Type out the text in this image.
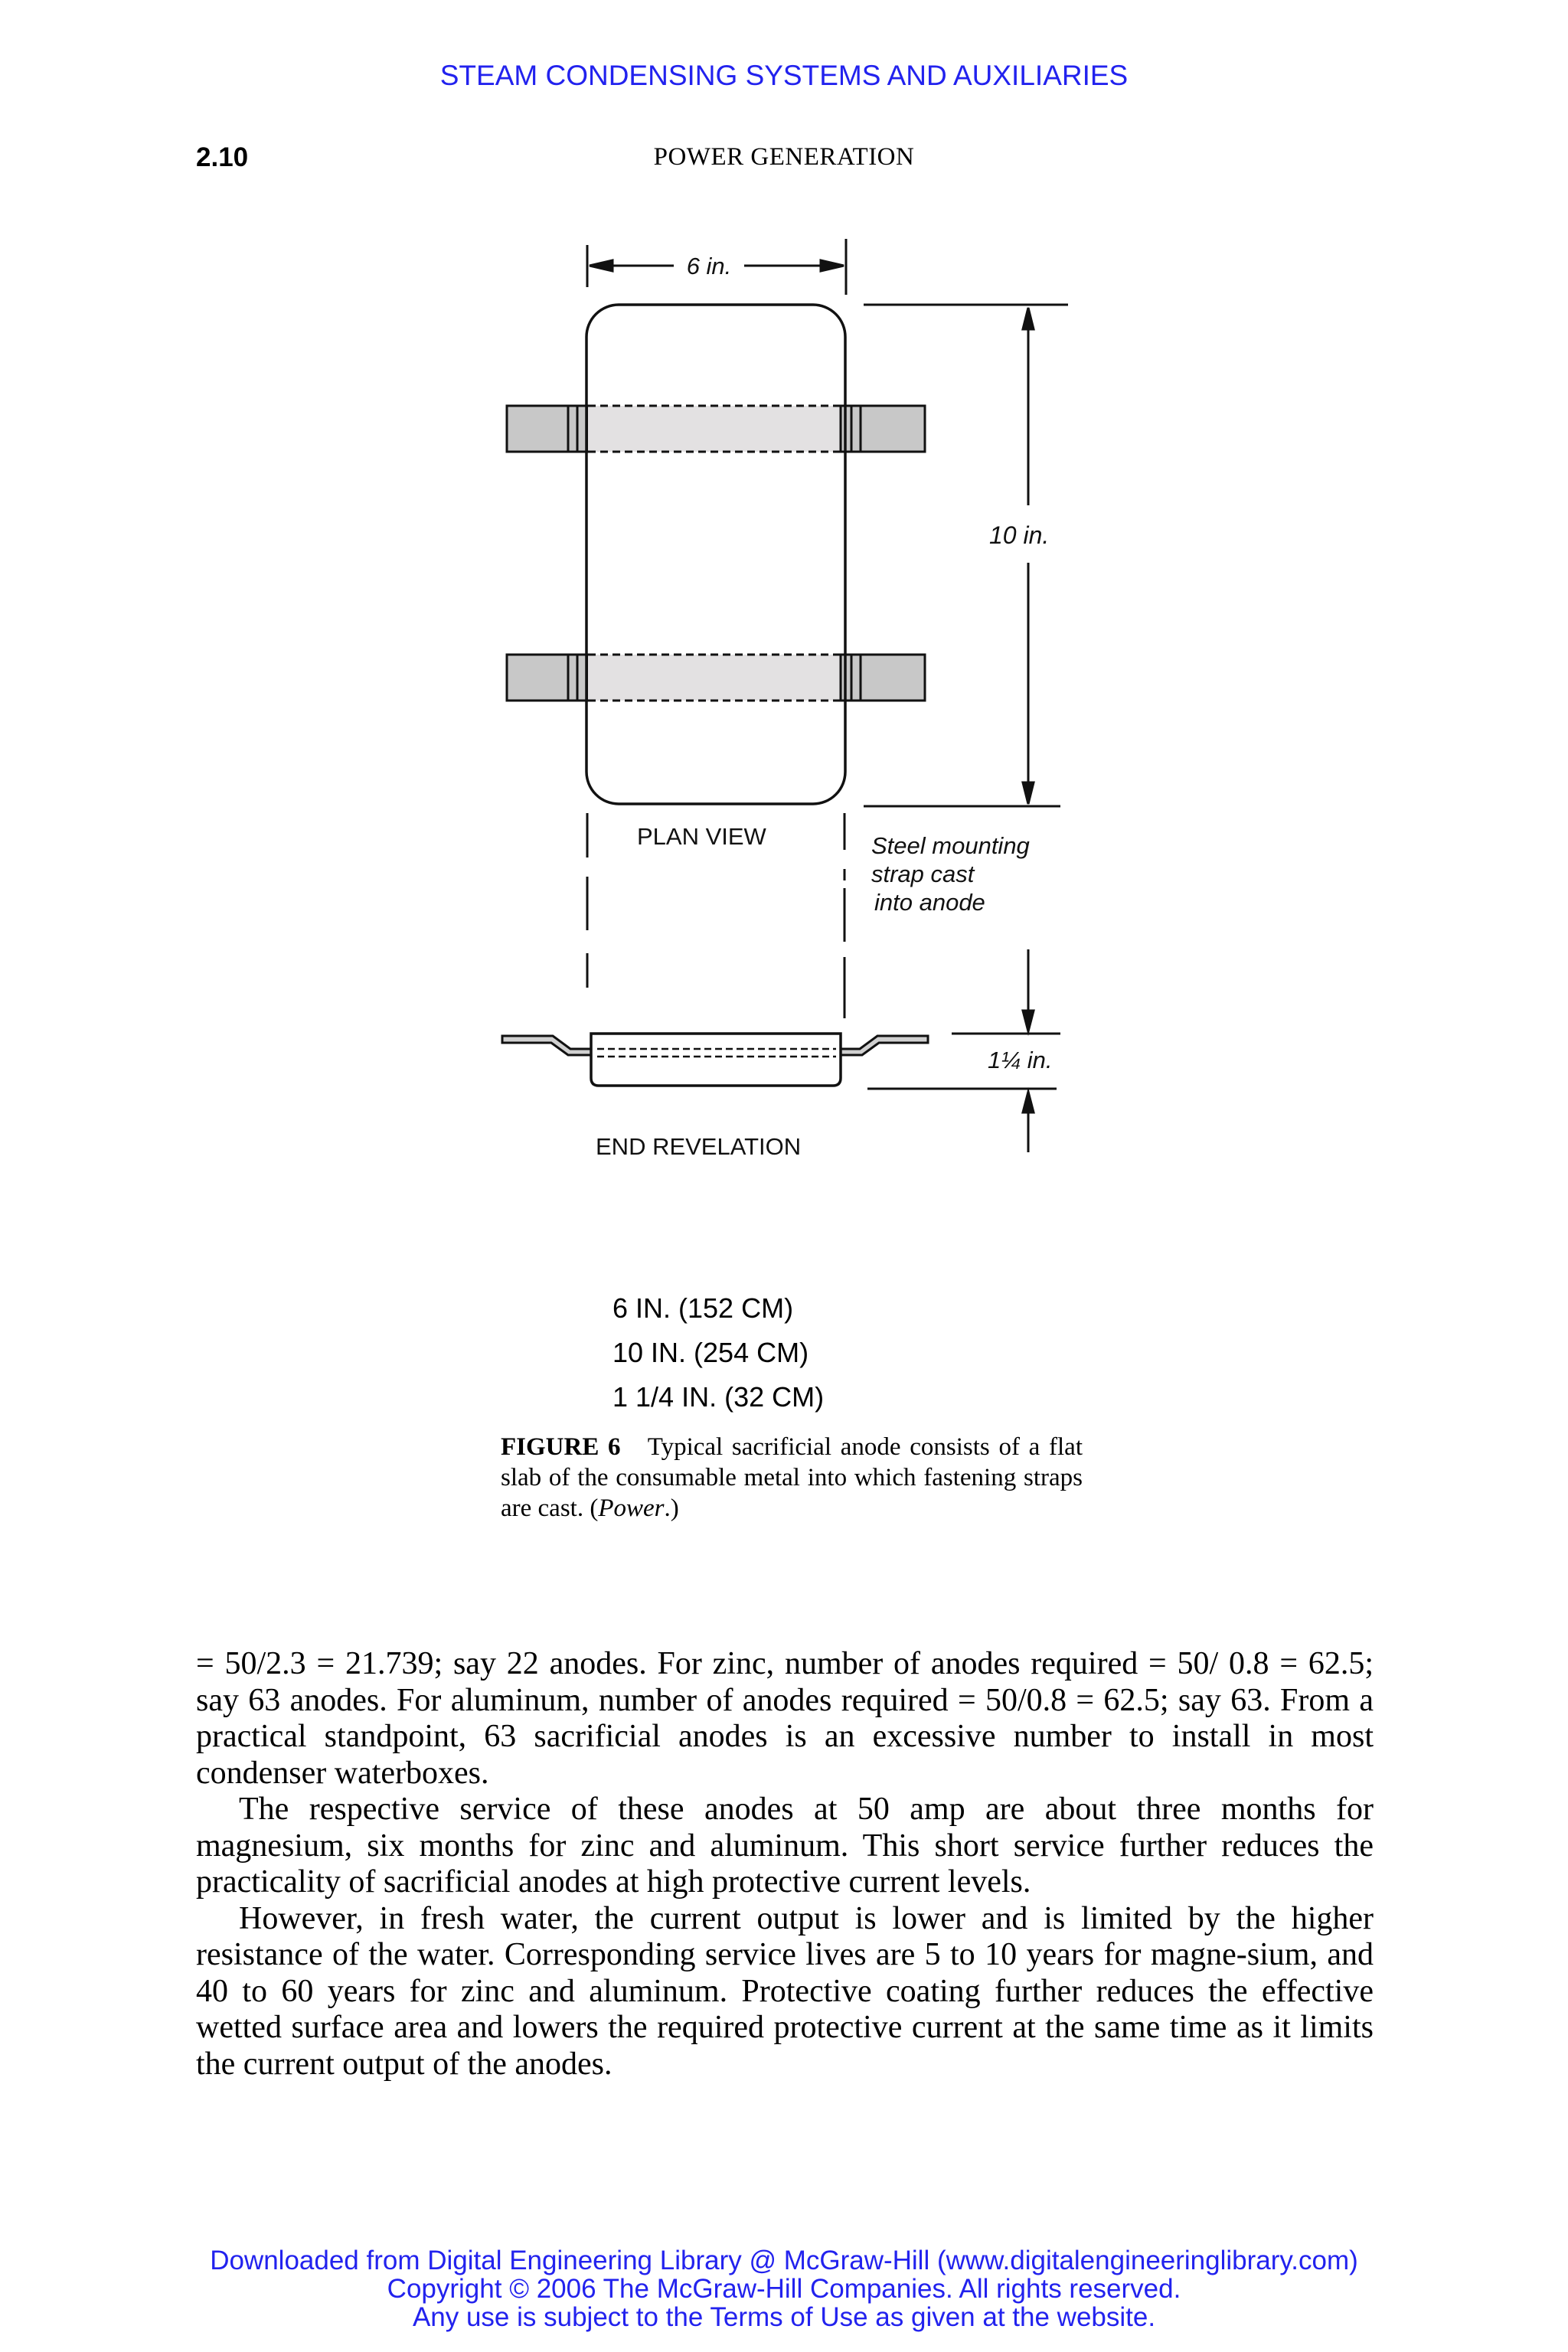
STEAM CONDENSING SYSTEMS AND AUXILIARIES
2.10	POWER GENERATION
6 in.
10 in.
PLAN VIEW	Steel mounting
strap cast
into anode
1¼ in.
END REVELATION
6 IN. (152 CM)
10 IN. (254 CM)
1 1/4 IN. (32 CM)
FIGURE 6 Typical sacrificial anode consists of a flat slab of the consumable metal into which fastening straps are cast. (Power.)

= 50/2.3 = 21.739; say 22 anodes. For zinc, number of anodes required = 50/ 0.8 = 62.5; say 63 anodes. For aluminum, number of anodes required = 50/0.8 = 62.5; say 63. From a practical standpoint, 63 sacrificial anodes is an excessive number to install in most condenser waterboxes.

The respective service of these anodes at 50 amp are about three months for magnesium, six months for zinc and aluminum. This short service further reduces the practicality of sacrificial anodes at high protective current levels.

However, in fresh water, the current output is lower and is limited by the higher resistance of the water. Corresponding service lives are 5 to 10 years for magne-sium, and 40 to 60 years for zinc and aluminum. Protective coating further reduces the effective wetted surface area and lowers the required protective current at the same time as it limits the current output of the anodes.

Downloaded from Digital Engineering Library @ McGraw-Hill (www.digitalengineeringlibrary.com)
Copyright © 2006 The McGraw-Hill Companies. All rights reserved.
Any use is subject to the Terms of Use as given at the website.
